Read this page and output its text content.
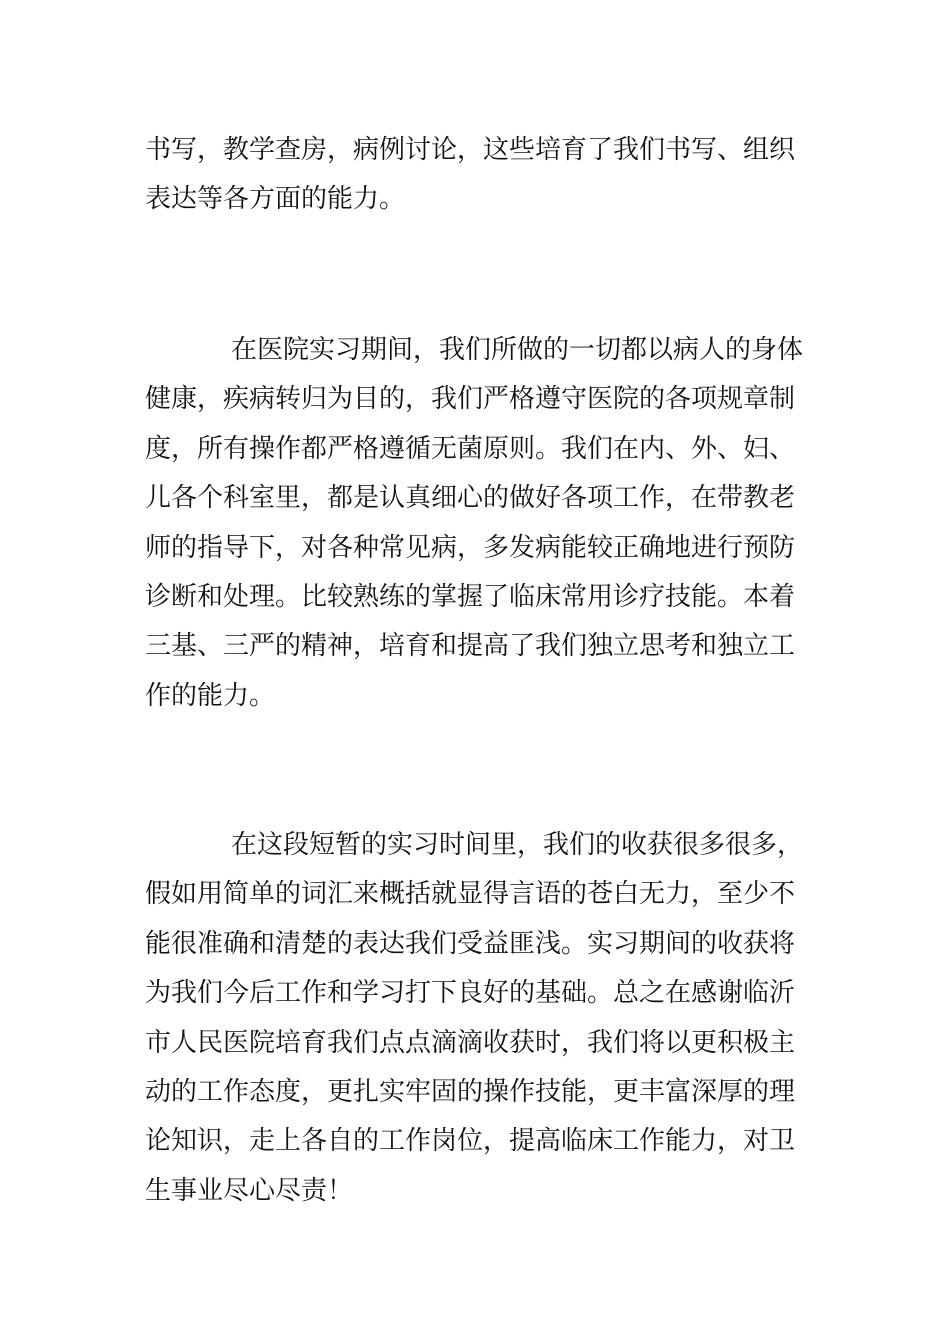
书写，教学查房，病例讨论，这些培育了我们书写、组织
表达等各方面的能力。
在医院实习期间，我们所做的一切都以病人的身体
健康，疾病转归为目的，我们严格遵守医院的各项规章制
度，所有操作都严格遵循无菌原则。我们在内、外、妇、
儿各个科室里，都是认真细心的做好各项工作，在带教老
师的指导下，对各种常见病，多发病能较正确地进行预防
诊断和处理。比较熟练的掌握了临床常用诊疗技能。本着
三基、三严的精神，培育和提高了我们独立思考和独立工
作的能力。
在这段短暂的实习时间里，我们的收获很多很多，
假如用简单的词汇来概括就显得言语的苍白无力，至少不
能很准确和清楚的表达我们受益匪浅。实习期间的收获将
为我们今后工作和学习打下良好的基础。总之在感谢临沂
市人民医院培育我们点点滴滴收获时，我们将以更积极主
动的工作态度，更扎实牢固的操作技能，更丰富深厚的理
论知识，走上各自的工作岗位，提高临床工作能力，对卫
生事业尽心尽责！
